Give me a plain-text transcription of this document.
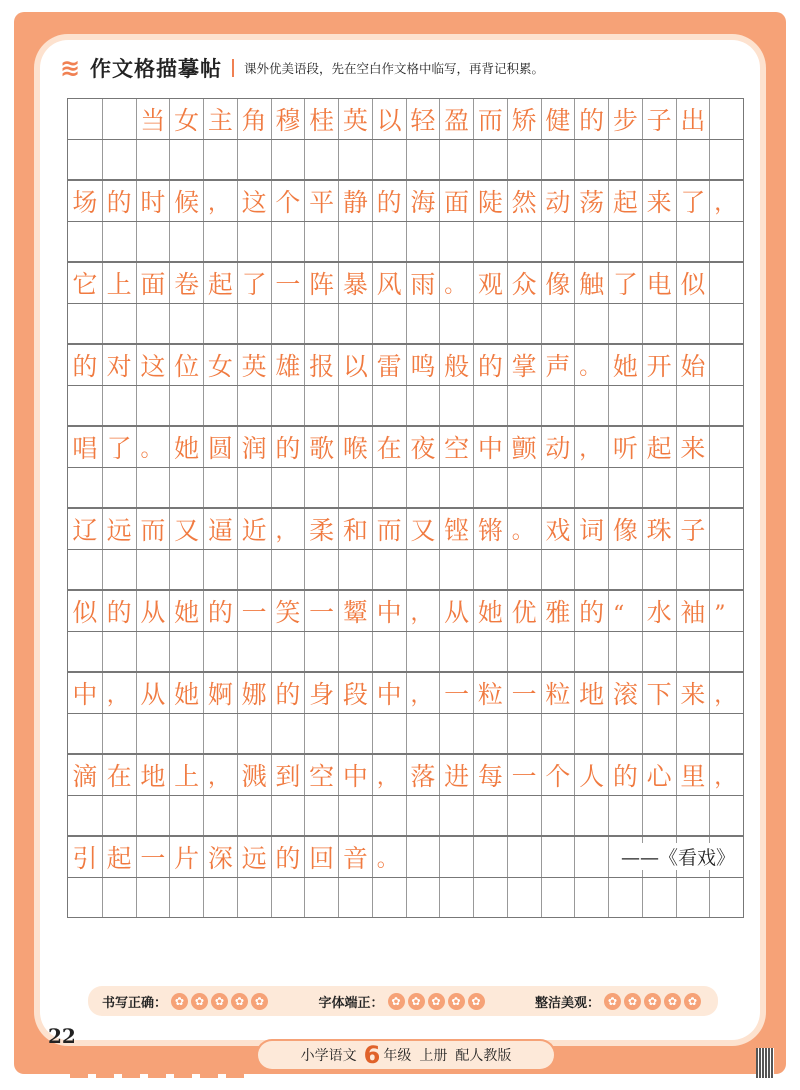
≋ 作文格描摹帖 课外优美语段，先在空白作文格中临写，再背记积累。
当 女 主 角 穆 桂 英 以 轻 盈 而 矫 健 的 步 子 出
场 的 时 候 ， 这 个 平 静 的 海 面 陡 然 动 荡 起 来 了 ，
它 上 面 卷 起 了 一 阵 暴 风 雨 。 观 众 像 触 了 电 似
的 对 这 位 女 英 雄 报 以 雷 鸣 般 的 掌 声 。 她 开 始
唱 了 。 她 圆 润 的 歌 喉 在 夜 空 中 颤 动 ， 听 起 来
辽 远 而 又 逼 近 ， 柔 和 而 又 铿 锵 。 戏 词 像 珠 子
似 的 从 她 的 一 笑 一 颦 中 ， 从 她 优 雅 的 “ 水 袖 ”
中 ， 从 她 婀 娜 的 身 段 中 ， 一 粒 一 粒 地 滚 下 来 ，
滴 在 地 上 ， 溅 到 空 中 ， 落 进 每 一 个 人 的 心 里 ，
引 起 一 片 深 远 的 回 音 。	——《看戏》
书写正确： ✿ ✿ ✿ ✿ ✿	字体端正： ✿ ✿ ✿ ✿ ✿	整洁美观： ✿ ✿ ✿ ✿ ✿
22
小学语文 6 年级 上册 配人教版
